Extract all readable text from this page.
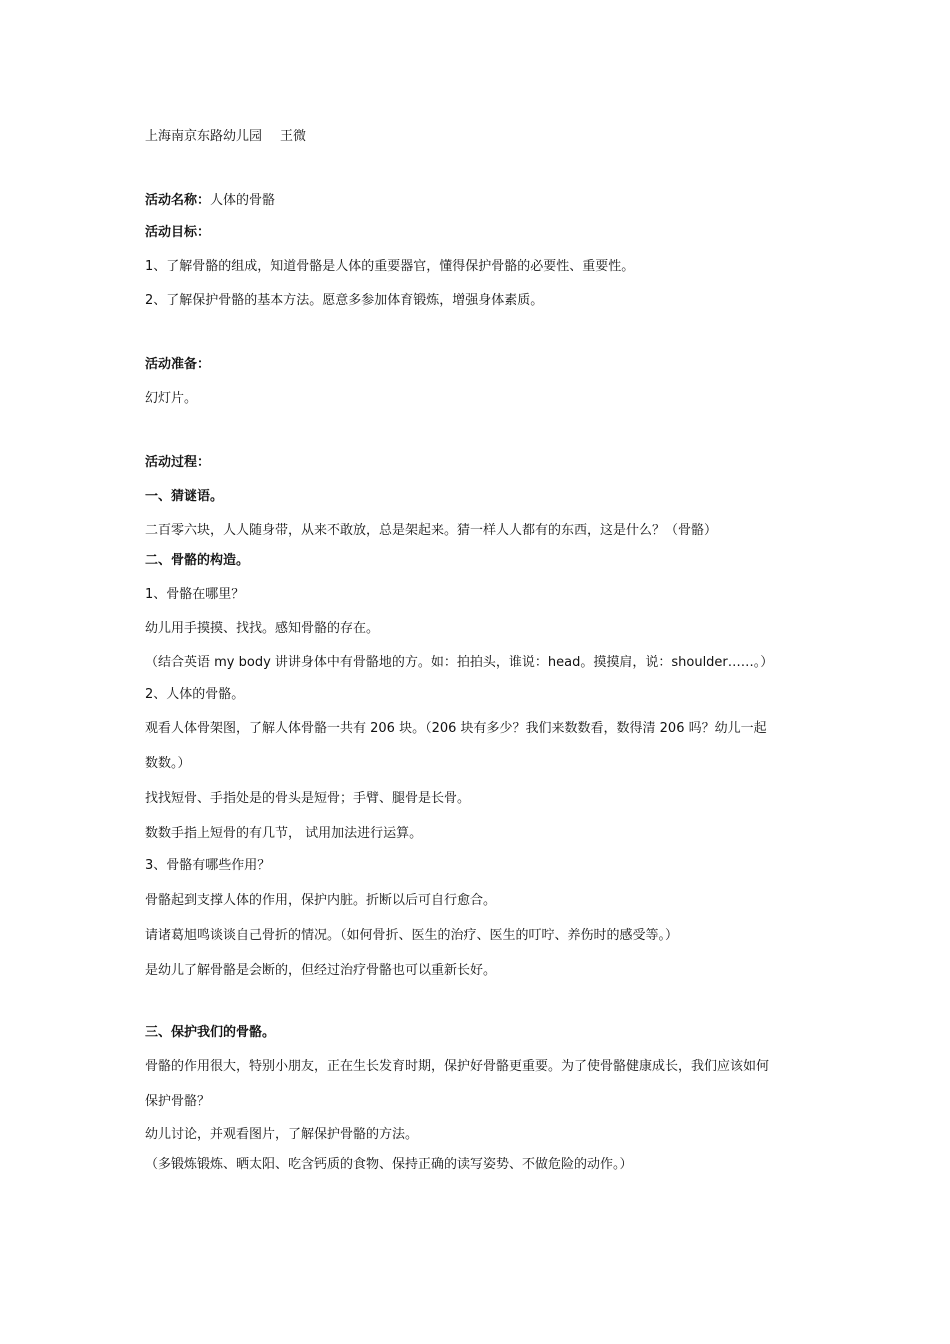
上海南京东路幼儿园 王微
活动名称：人体的骨骼
活动目标：
1、了解骨骼的组成，知道骨骼是人体的重要器官，懂得保护骨骼的必要性、重要性。
2、了解保护骨骼的基本方法。愿意多参加体育锻炼，增强身体素质。
活动准备：
幻灯片。
活动过程：
一、猜谜语。
二百零六块，人人随身带，从来不敢放，总是架起来。猜一样人人都有的东西，这是什么？（骨骼）
二、骨骼的构造。
1、骨骼在哪里？
幼儿用手摸摸、找找。感知骨骼的存在。
（结合英语 my body 讲讲身体中有骨骼地的方。如：拍拍头，谁说：head。摸摸肩，说：shoulder……。）
2、人体的骨骼。
观看人体骨架图，了解人体骨骼一共有 206 块。（206 块有多少？我们来数数看，数得清 206 吗？幼儿一起
数数。）
找找短骨、手指处是的骨头是短骨；手臂、腿骨是长骨。
数数手指上短骨的有几节， 试用加法进行运算。
3、骨骼有哪些作用？
骨骼起到支撑人体的作用，保护内脏。折断以后可自行愈合。
请诸葛旭鸣谈谈自己骨折的情况。（如何骨折、医生的治疗、医生的叮咛、养伤时的感受等。）
是幼儿了解骨骼是会断的，但经过治疗骨骼也可以重新长好。
三、保护我们的骨骼。
骨骼的作用很大，特别小朋友，正在生长发育时期，保护好骨骼更重要。为了使骨骼健康成长，我们应该如何
保护骨骼？
幼儿讨论，并观看图片，了解保护骨骼的方法。
（多锻炼锻炼、晒太阳、吃含钙质的食物、保持正确的读写姿势、不做危险的动作。）
